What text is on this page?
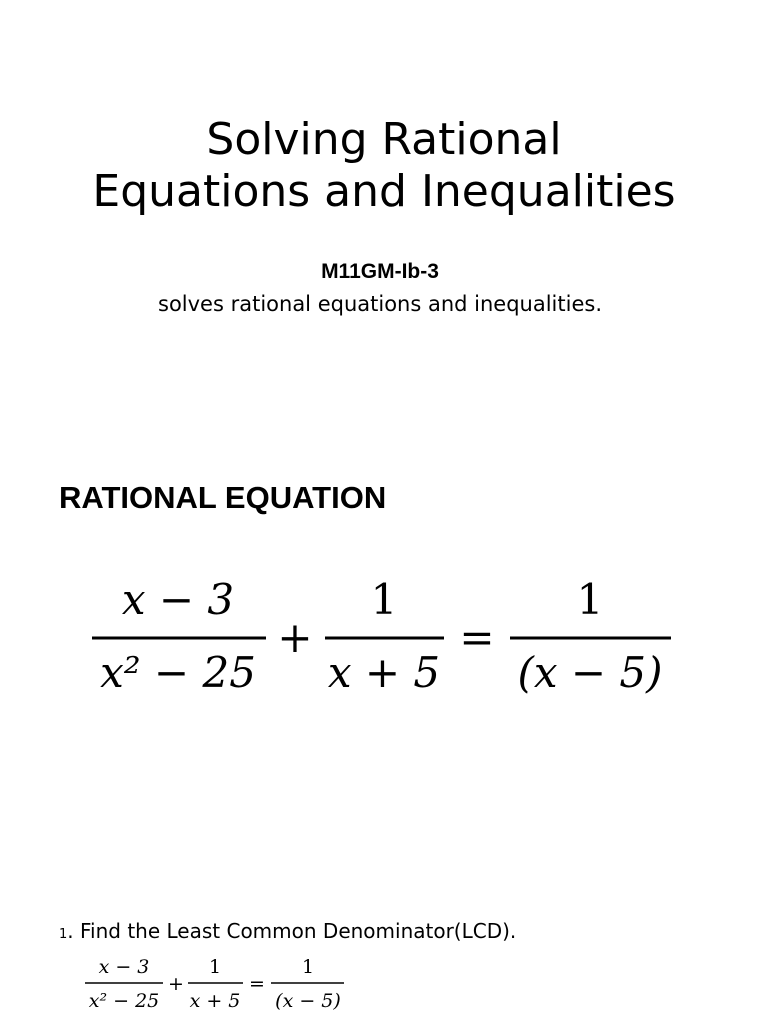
Solving Rational
Equations and Inequalities
M11GM-Ib-3
solves rational equations and inequalities.
RATIONAL EQUATION
x − 3
x² − 25
+
1
x + 5
=
1
(x − 5)
1. Find the Least Common Denominator(LCD).
x − 3
x² − 25
+
1
x + 5
=
1
(x − 5)
